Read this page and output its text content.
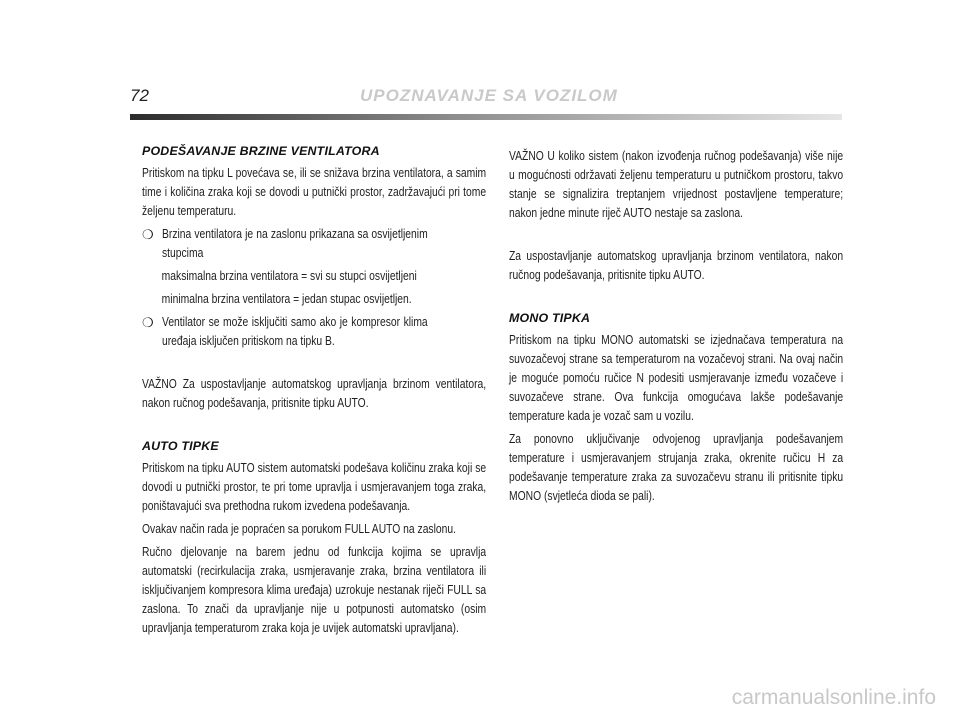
72	UPOZNAVANJE SA VOZILOM
PODEŠAVANJE BRZINE VENTILATORA

Pritiskom na tipku L povećava se, ili se snižava brzina ventilatora, a samim time i količina zraka koji se dovodi u putnički prostor, zadržavajući pri tome željenu temperaturu.

❍ Brzina ventilatora je na zaslonu prikazana sa osvijetljenim stupcima
maksimalna brzina ventilatora = svi su stupci osvijetljeni
minimalna brzina ventilatora = jedan stupac osvijetljen.
❍ Ventilator se može isključiti samo ako je kompresor klima uređaja isključen pritiskom na tipku B.

VAŽNO Za uspostavljanje automatskog upravljanja brzinom ventilatora, nakon ručnog podešavanja, pritisnite tipku AUTO.

AUTO TIPKE

Pritiskom na tipku AUTO sistem automatski podešava količinu zraka koji se dovodi u putnički prostor, te pri tome upravlja i usmjeravanjem toga zraka, poništavajući sva prethodna rukom izvedena podešavanja.

Ovakav način rada je popraćen sa porukom FULL AUTO na zaslonu.

Ručno djelovanje na barem jednu od funkcija kojima se upravlja automatski (recirkulacija zraka, usmjeravanje zraka, brzina ventilatora ili isključivanjem kompresora klima uređaja) uzrokuje nestanak riječi FULL sa zaslona. To znači da upravljanje nije u potpunosti automatsko (osim upravljanja temperaturom zraka koja je uvijek automatski upravljana).

VAŽNO U koliko sistem (nakon izvođenja ručnog podešavanja) više nije u mogućnosti održavati željenu temperaturu u putničkom prostoru, takvo stanje se signalizira treptanjem vrijednost postavljene temperature; nakon jedne minute riječ AUTO nestaje sa zaslona.

Za uspostavljanje automatskog upravljanja brzinom ventilatora, nakon ručnog podešavanja, pritisnite tipku AUTO.

MONO TIPKA

Pritiskom na tipku MONO automatski se izjednačava temperatura na suvozačevoj strane sa temperaturom na vozačevoj strani. Na ovaj način je moguće pomoću ručice N podesiti usmjeravanje između vozačeve i suvozačeve strane. Ova funkcija omogućava lakše podešavanje temperature kada je vozač sam u vozilu.

Za ponovno uključivanje odvojenog upravljanja podešavanjem temperature i usmjeravanjem strujanja zraka, okrenite ručicu H za podešavanje temperature zraka za suvozačevu stranu ili pritisnite tipku MONO (svjetleća dioda se pali).

carmanualsonline.info
